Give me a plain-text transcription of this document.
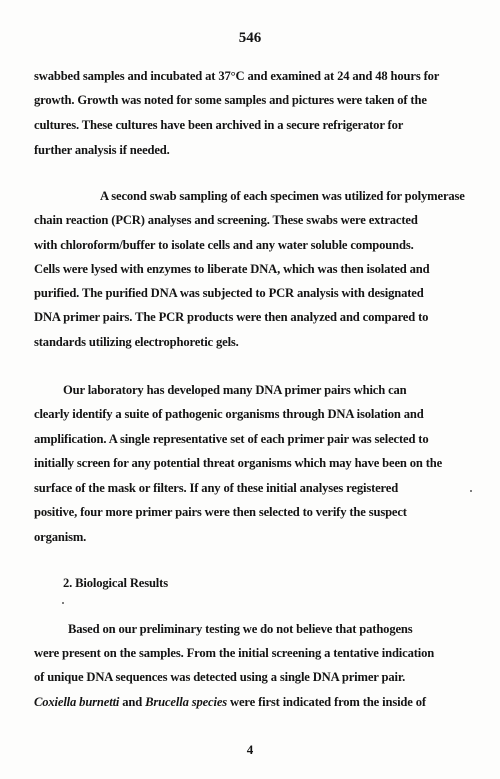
546
swabbed samples and incubated at 37°C and examined at 24 and 48 hours for
growth. Growth was noted for some samples and pictures were taken of the
cultures. These cultures have been archived in a secure refrigerator for
further analysis if needed.
A second swab sampling of each specimen was utilized for polymerase
chain reaction (PCR) analyses and screening. These swabs were extracted
with chloroform/buffer to isolate cells and any water soluble compounds.
Cells were lysed with enzymes to liberate DNA, which was then isolated and
purified. The purified DNA was subjected to PCR analysis with designated
DNA primer pairs. The PCR products were then analyzed and compared to
standards utilizing electrophoretic gels.
Our laboratory has developed many DNA primer pairs which can
clearly identify a suite of pathogenic organisms through DNA isolation and
amplification. A single representative set of each primer pair was selected to
initially screen for any potential threat organisms which may have been on the
surface of the mask or filters. If any of these initial analyses registered
positive, four more primer pairs were then selected to verify the suspect
organism.
2. Biological Results
Based on our preliminary testing we do not believe that pathogens
were present on the samples. From the initial screening a tentative indication
of unique DNA sequences was detected using a single DNA primer pair.
Coxiella burnetti and Brucella species were first indicated from the inside of
4
